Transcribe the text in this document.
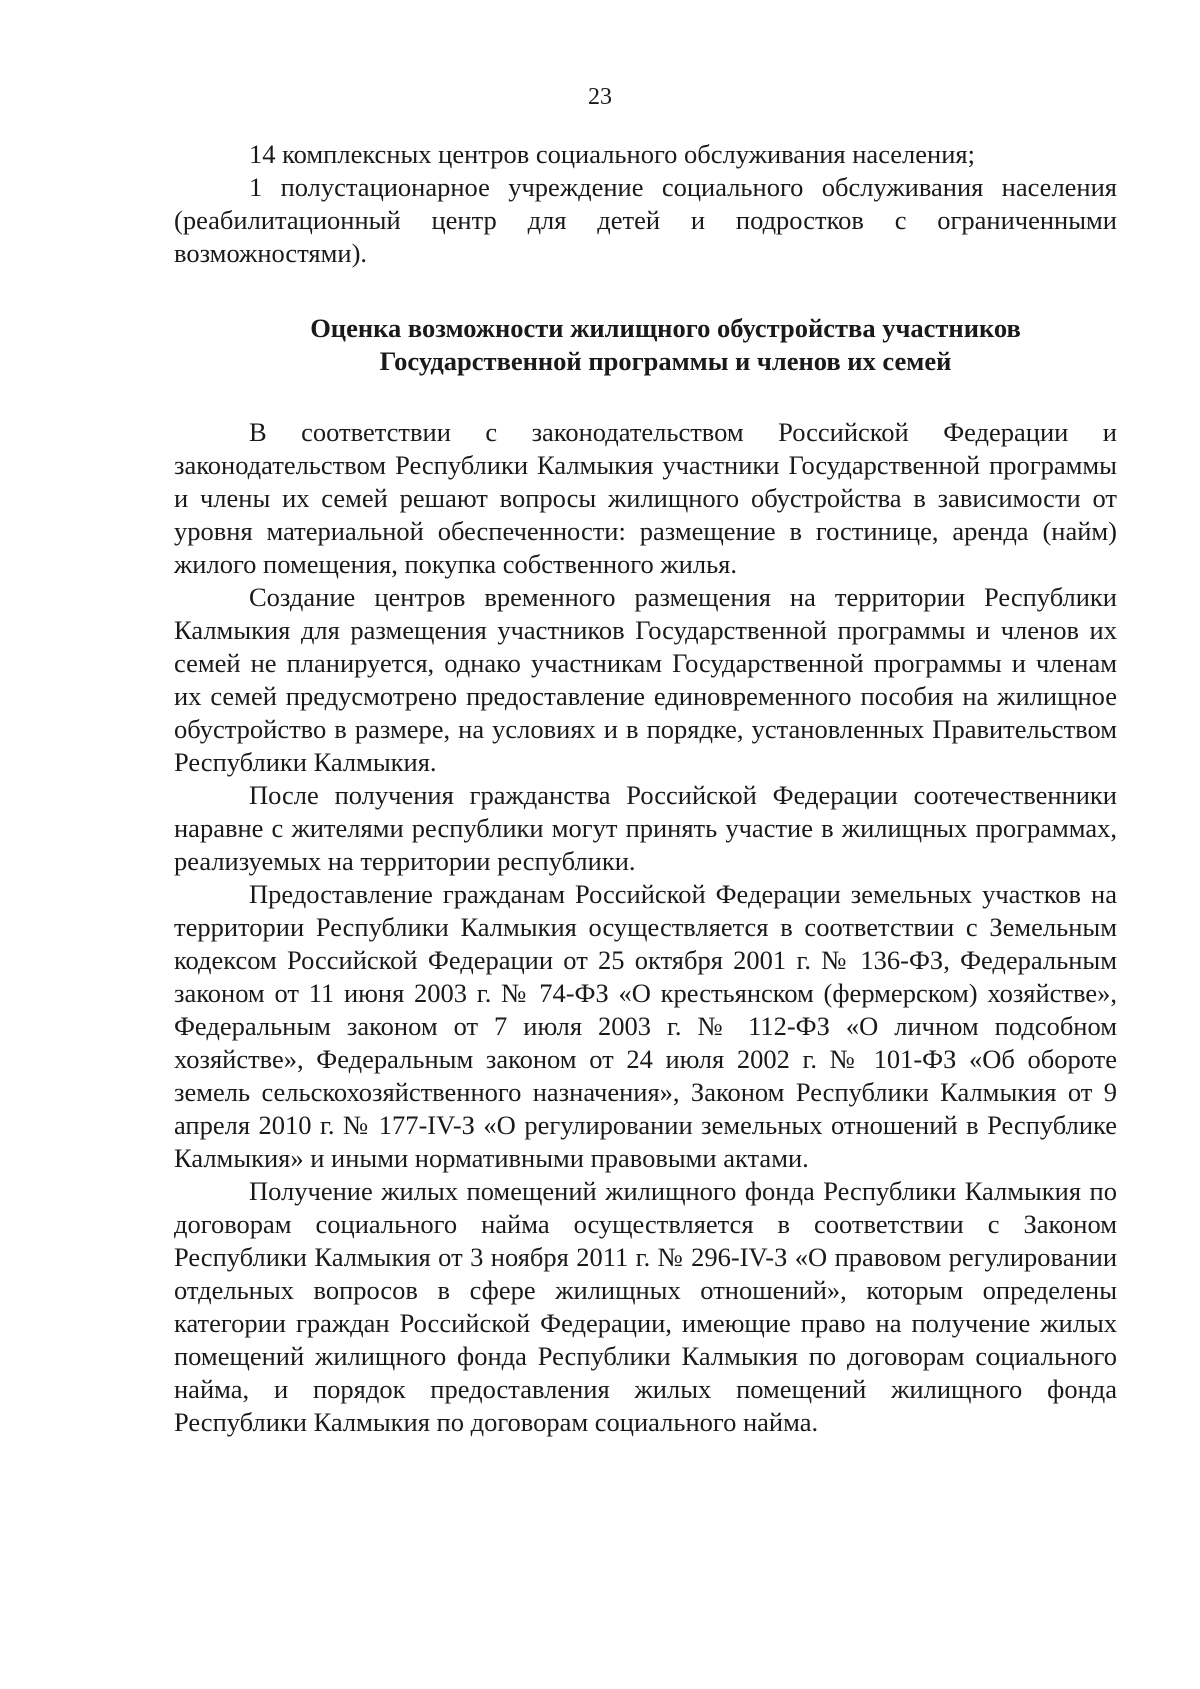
23

14 комплексных центров социального обслуживания населения;

1 полустационарное учреждение социального обслуживания населения (реабилитационный центр для детей и подростков с ограниченными возможностями).

Оценка возможности жилищного обустройства участников
Государственной программы и членов их семей

В соответствии с законодательством Российской Федерации и законодательством Республики Калмыкия участники Государственной программы и члены их семей решают вопросы жилищного обустройства в зависимости от уровня материальной обеспеченности: размещение в гостинице, аренда (найм) жилого помещения, покупка собственного жилья.

Создание центров временного размещения на территории Республики Калмыкия для размещения участников Государственной программы и членов их семей не планируется, однако участникам Государственной программы и членам их семей предусмотрено предоставление единовременного пособия на жилищное обустройство в размере, на условиях и в порядке, установленных Правительством Республики Калмыкия.

После получения гражданства Российской Федерации соотечественники наравне с жителями республики могут принять участие в жилищных программах, реализуемых на территории республики.

Предоставление гражданам Российской Федерации земельных участков на территории Республики Калмыкия осуществляется в соответствии с Земельным кодексом Российской Федерации от 25 октября 2001 г. № 136-ФЗ, Федеральным законом от 11 июня 2003 г. № 74-ФЗ «О крестьянском (фермерском) хозяйстве», Федеральным законом от 7 июля 2003 г. № 112-ФЗ «О личном подсобном хозяйстве», Федеральным законом от 24 июля 2002 г. № 101-ФЗ «Об обороте земель сельскохозяйственного назначения», Законом Республики Калмыкия от 9 апреля 2010 г. № 177-IV-З «О регулировании земельных отношений в Республике Калмыкия» и иными нормативными правовыми актами.

Получение жилых помещений жилищного фонда Республики Калмыкия по договорам социального найма осуществляется в соответствии с Законом Республики Калмыкия от 3 ноября 2011 г. № 296-IV-З «О правовом регулировании отдельных вопросов в сфере жилищных отношений», которым определены категории граждан Российской Федерации, имеющие право на получение жилых помещений жилищного фонда Республики Калмыкия по договорам социального найма, и порядок предоставления жилых помещений жилищного фонда Республики Калмыкия по договорам социального найма.
